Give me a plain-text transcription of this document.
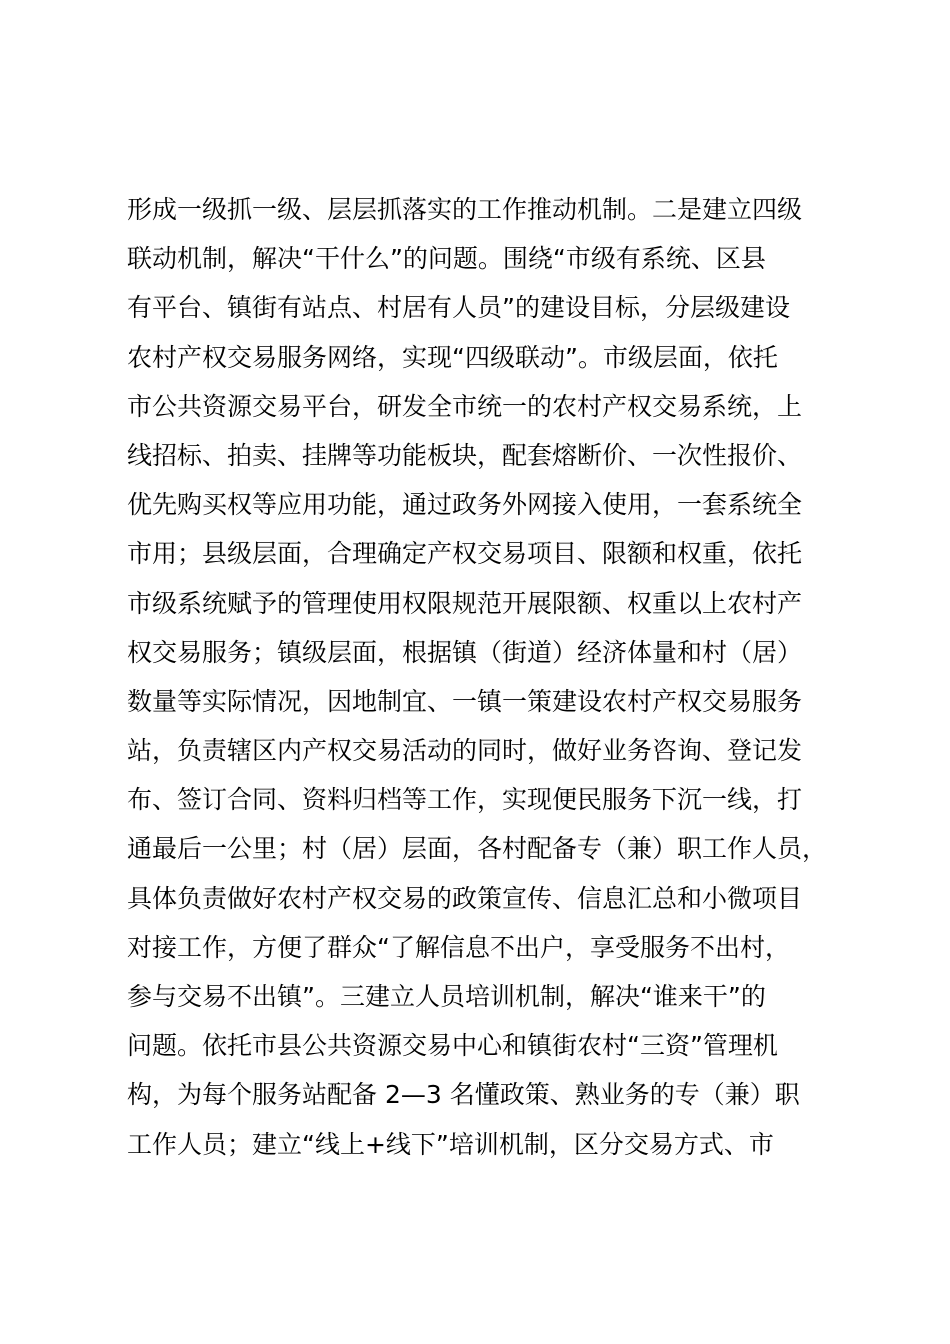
形成一级抓一级、层层抓落实的工作推动机制。二是建立四级
联动机制，解决“干什么”的问题。围绕“市级有系统、区县
有平台、镇街有站点、村居有人员”的建设目标，分层级建设
农村产权交易服务网络，实现“四级联动”。市级层面，依托
市公共资源交易平台，研发全市统一的农村产权交易系统，上
线招标、拍卖、挂牌等功能板块，配套熔断价、一次性报价、
优先购买权等应用功能，通过政务外网接入使用，一套系统全
市用；县级层面，合理确定产权交易项目、限额和权重，依托
市级系统赋予的管理使用权限规范开展限额、权重以上农村产
权交易服务；镇级层面，根据镇（街道）经济体量和村（居）
数量等实际情况，因地制宜、一镇一策建设农村产权交易服务
站，负责辖区内产权交易活动的同时，做好业务咨询、登记发
布、签订合同、资料归档等工作，实现便民服务下沉一线，打
通最后一公里；村（居）层面，各村配备专（兼）职工作人员，
具体负责做好农村产权交易的政策宣传、信息汇总和小微项目
对接工作，方便了群众“了解信息不出户，享受服务不出村，
参与交易不出镇”。三建立人员培训机制，解决“谁来干”的
问题。依托市县公共资源交易中心和镇街农村“三资”管理机
构，为每个服务站配备 2—3 名懂政策、熟业务的专（兼）职
工作人员；建立“线上+线下”培训机制，区分交易方式、市
